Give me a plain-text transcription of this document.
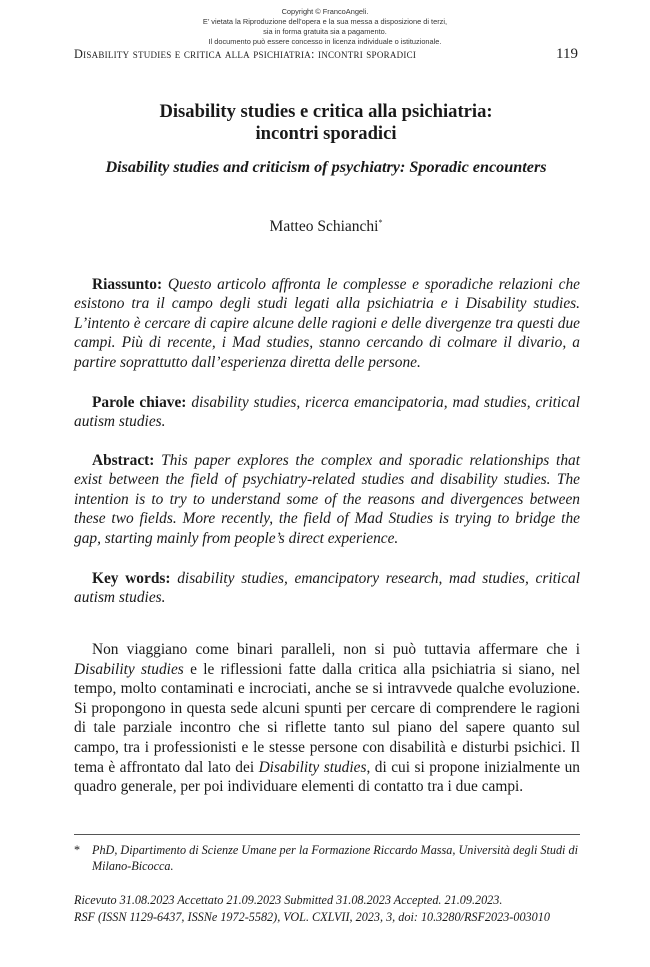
Copyright © FrancoAngeli.
E’ vietata la Riproduzione dell’opera e la sua messa a disposizione di terzi,
sia in forma gratuita sia a pagamento.
Il documento può essere concesso in licenza individuale o istituzionale.
Disability studies e critica alla psichiatria: incontri sporadici	119
Disability studies e critica alla psichiatria:
incontri sporadici
Disability studies and criticism of psychiatry: Sporadic encounters
Matteo Schianchi*
Riassunto: Questo articolo affronta le complesse e sporadiche relazioni che esistono tra il campo degli studi legati alla psichiatria e i Disability studies. L’intento è cercare di capire alcune delle ragioni e delle divergenze tra questi due campi. Più di recente, i Mad studies, stanno cercando di colmare il divario, a partire soprattutto dall’esperienza diretta delle persone.
Parole chiave: disability studies, ricerca emancipatoria, mad studies, critical autism studies.
Abstract: This paper explores the complex and sporadic relationships that exist between the field of psychiatry-related studies and disability studies. The intention is to try to understand some of the reasons and divergences between these two fields. More recently, the field of Mad Studies is trying to bridge the gap, starting mainly from people’s direct experience.
Key words: disability studies, emancipatory research, mad studies, critical autism studies.
Non viaggiano come binari paralleli, non si può tuttavia affermare che i Disability studies e le riflessioni fatte dalla critica alla psichiatria si siano, nel tempo, molto contaminati e incrociati, anche se si intravvede qualche evoluzione. Si propongono in questa sede alcuni spunti per cercare di comprendere le ragioni di tale parziale incontro che si riflette tanto sul piano del sapere quanto sul campo, tra i professionisti e le stesse persone con disabilità e disturbi psichici. Il tema è affrontato dal lato dei Disability studies, di cui si propone inizialmente un quadro generale, per poi individuare elementi di contatto tra i due campi.
* PhD, Dipartimento di Scienze Umane per la Formazione Riccardo Massa, Università degli Studi di Milano-Bicocca.
Ricevuto 31.08.2023 Accettato 21.09.2023 Submitted 31.08.2023 Accepted. 21.09.2023.
RSF (ISSN 1129-6437, ISSNe 1972-5582), VOL. CXLVII, 2023, 3, doi: 10.3280/RSF2023-003010
